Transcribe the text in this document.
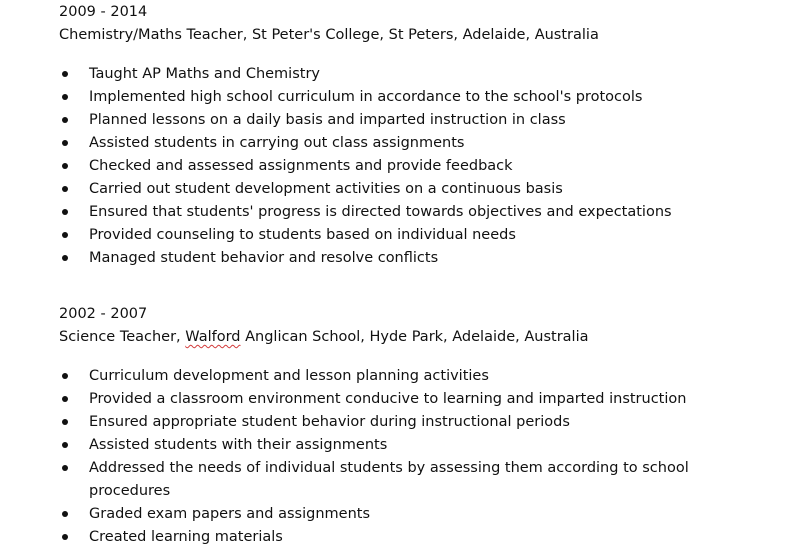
2009 - 2014
Chemistry/Maths Teacher, St Peter's College, St Peters, Adelaide, Australia
Taught AP Maths and Chemistry
Implemented high school curriculum in accordance to the school's protocols
Planned lessons on a daily basis and imparted instruction in class
Assisted students in carrying out class assignments
Checked and assessed assignments and provide feedback
Carried out student development activities on a continuous basis
Ensured that students' progress is directed towards objectives and expectations
Provided counseling to students based on individual needs
Managed student behavior and resolve conflicts
2002 - 2007
Science Teacher, Walford Anglican School, Hyde Park, Adelaide, Australia
Curriculum development and lesson planning activities
Provided a classroom environment conducive to learning and imparted instruction
Ensured appropriate student behavior during instructional periods
Assisted students with their assignments
Addressed the needs of individual students by assessing them according to school procedures
Graded exam papers and assignments
Created learning materials
